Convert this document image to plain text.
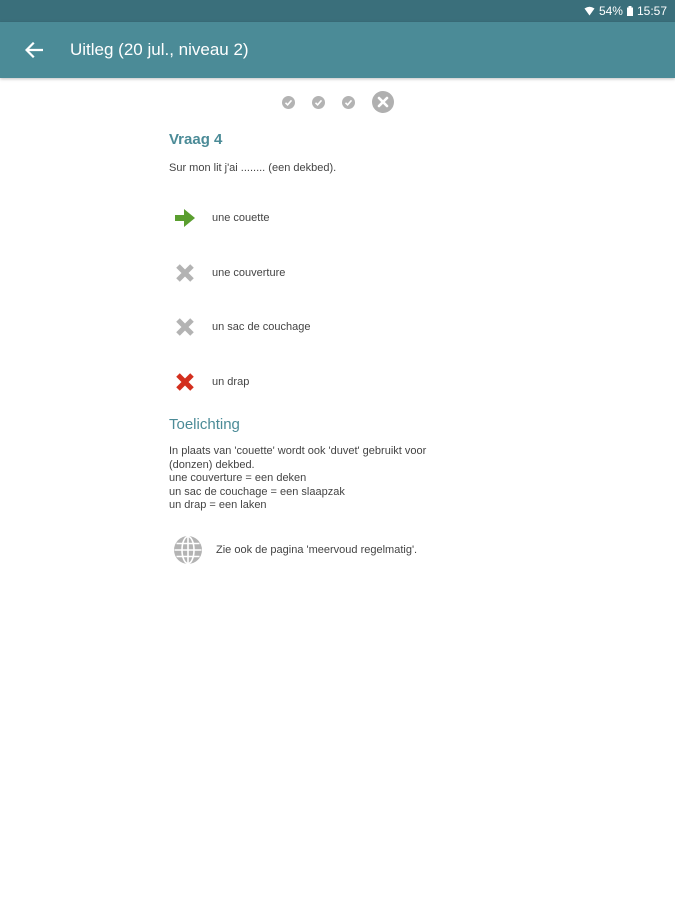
54% 15:57
Uitleg (20 jul., niveau 2)
Vraag 4
Sur mon lit j'ai ........ (een dekbed).
une couette
une couverture
un sac de couchage
un drap
Toelichting
In plaats van 'couette' wordt ook 'duvet' gebruikt voor
(donzen) dekbed.
une couverture = een deken
un sac de couchage = een slaapzak
un drap = een laken
Zie ook de pagina 'meervoud regelmatig'.
